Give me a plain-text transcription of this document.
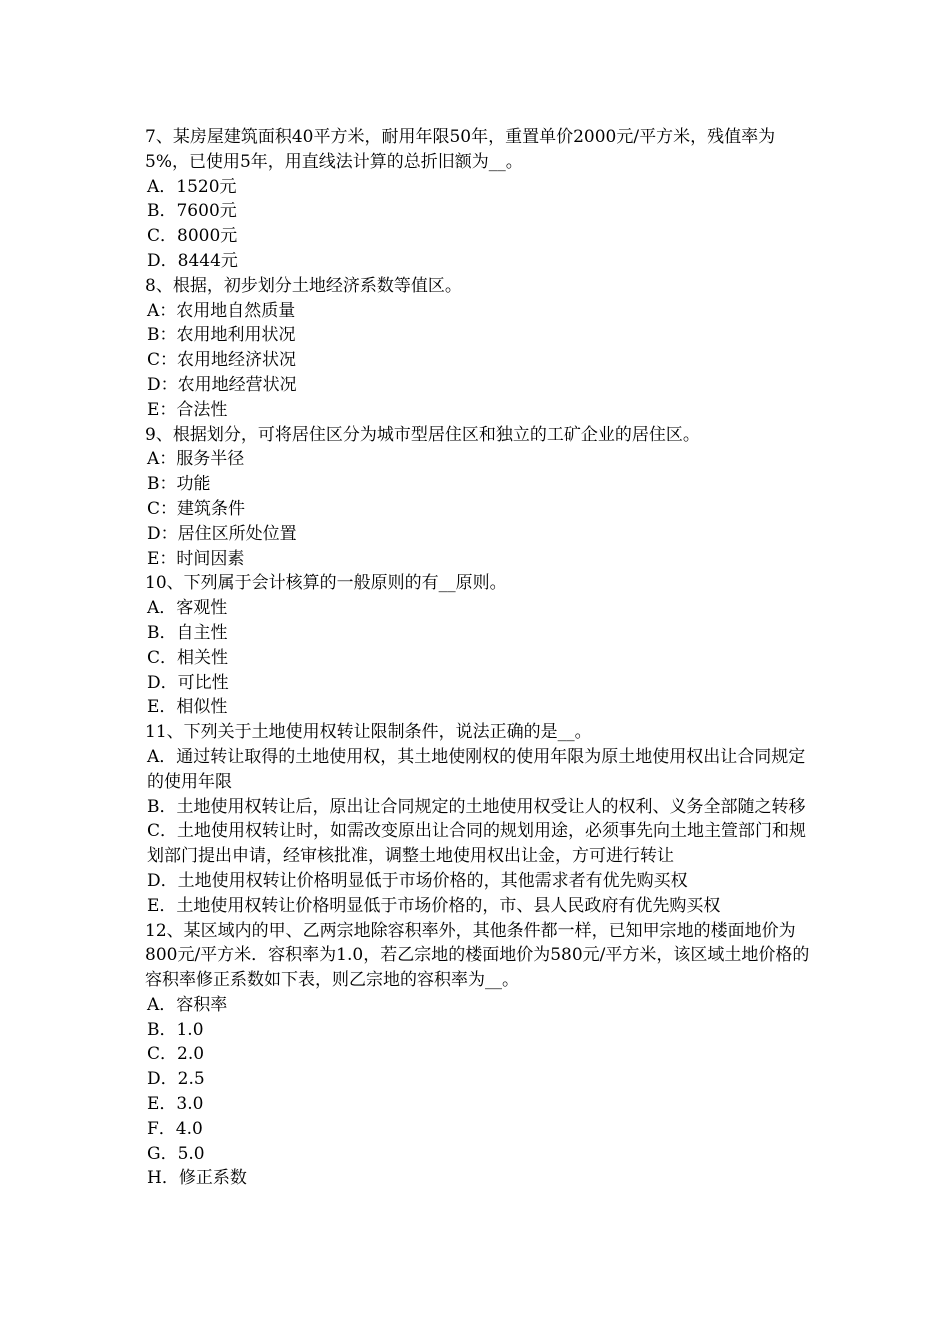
7、某房屋建筑面积40平方米，耐用年限50年，重置单价2000元/平方米，残值率为5%，已使用5年，用直线法计算的总折旧额为__。

A．1520元

B．7600元

C．8000元

D．8444元

8、根据，初步划分土地经济系数等值区。

A：农用地自然质量

B：农用地利用状况

C：农用地经济状况

D：农用地经营状况

E：合法性

9、根据划分，可将居住区分为城市型居住区和独立的工矿企业的居住区。

A：服务半径

B：功能

C：建筑条件

D：居住区所处位置

E：时间因素

10、下列属于会计核算的一般原则的有__原则。

A．客观性

B．自主性

C．相关性

D．可比性

E．相似性

11、下列关于土地使用权转让限制条件，说法正确的是__。

A．通过转让取得的土地使用权，其土地使刚权的使用年限为原土地使用权出让合同规定的使用年限

B．土地使用权转让后，原出让合同规定的土地使用权受让人的权利、义务全部随之转移

C．土地使用权转让时，如需改变原出让合同的规划用途，必须事先向土地主箮部门和规划部门提出申请，经审核批准，调整土地使用权出让金，方可进行转让

D．土地使用权转让价格明显低于市场价格的，其他需求者有优先购买权

E．土地使用权转让价格明显低于市场价格的，市、县人民政府有优先购买权

12、某区域内的甲、乙两宗地除容积率外，其他条件都一样，已知甲宗地的楼面地价为800元/平方米．容积率为1.0，若乙宗地的楼面地价为580元/平方米，该区域土地价格的容积率修正系数如下表，则乙宗地的容积率为__。

A．容积率

B．1.0

C．2.0

D．2.5

E．3.0

F．4.0

G．5.0

H．修正系数
